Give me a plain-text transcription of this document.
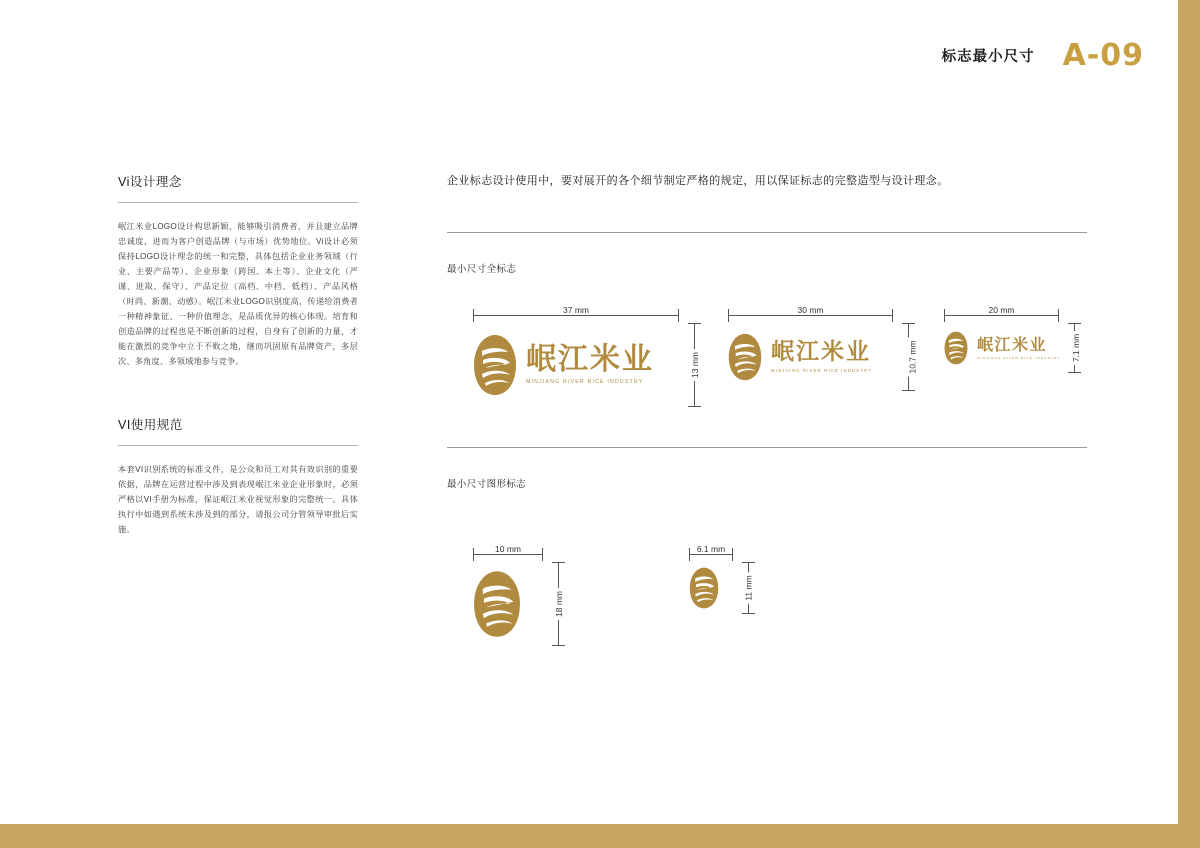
标志最小尺寸 A-09
Vi设计理念
岷江米业LOGO设计构思新颖，能够吸引消费者，并且建立品牌忠诚度，进而为客户创造品牌（与市场）优势地位。Vi设计必须保持LOGO设计理念的统一和完整，具体包括企业业务领域（行业、主要产品等）、企业形象（跨国、本土等）、企业文化（严谨、进取、保守）、产品定位（高档、中档、低档）、产品风格（时尚、新潮、动感）。岷江米业LOGO识别度高，传递给消费者一种精神象征、一种价值理念，是品质优异的核心体现。培育和创造品牌的过程也是不断创新的过程，自身有了创新的力量，才能在激烈的竞争中立于不败之地，继而巩固原有品牌资产，多层次、多角度、多领域地参与竞争。
VI使用规范
本套VI识别系统的标准文件，是公众和员工对其有效识别的重要依据，品牌在运营过程中涉及到表现岷江米业企业形象时，必须严格以VI手册为标准，保证岷江米业视觉形象的完整统一。具体执行中如遇到系统未涉及到的部分，请报公司分管领导审批后实施。
企业标志设计使用中，要对展开的各个细节制定严格的规定，用以保证标志的完整造型与设计理念。
最小尺寸全标志
37 mm
岷江米业
MINJIANG RIVER RICE INDUSTRY
13 mm
30 mm
岷江米业
MINJIANG RIVER RICE INDUSTRY	10.7 mm
20 mm
岷江米业
MINJIANG RIVER RICE INDUSTRY 7.1 mm
最小尺寸图形标志
10 mm
18 mm
6.1 mm
11 mm
